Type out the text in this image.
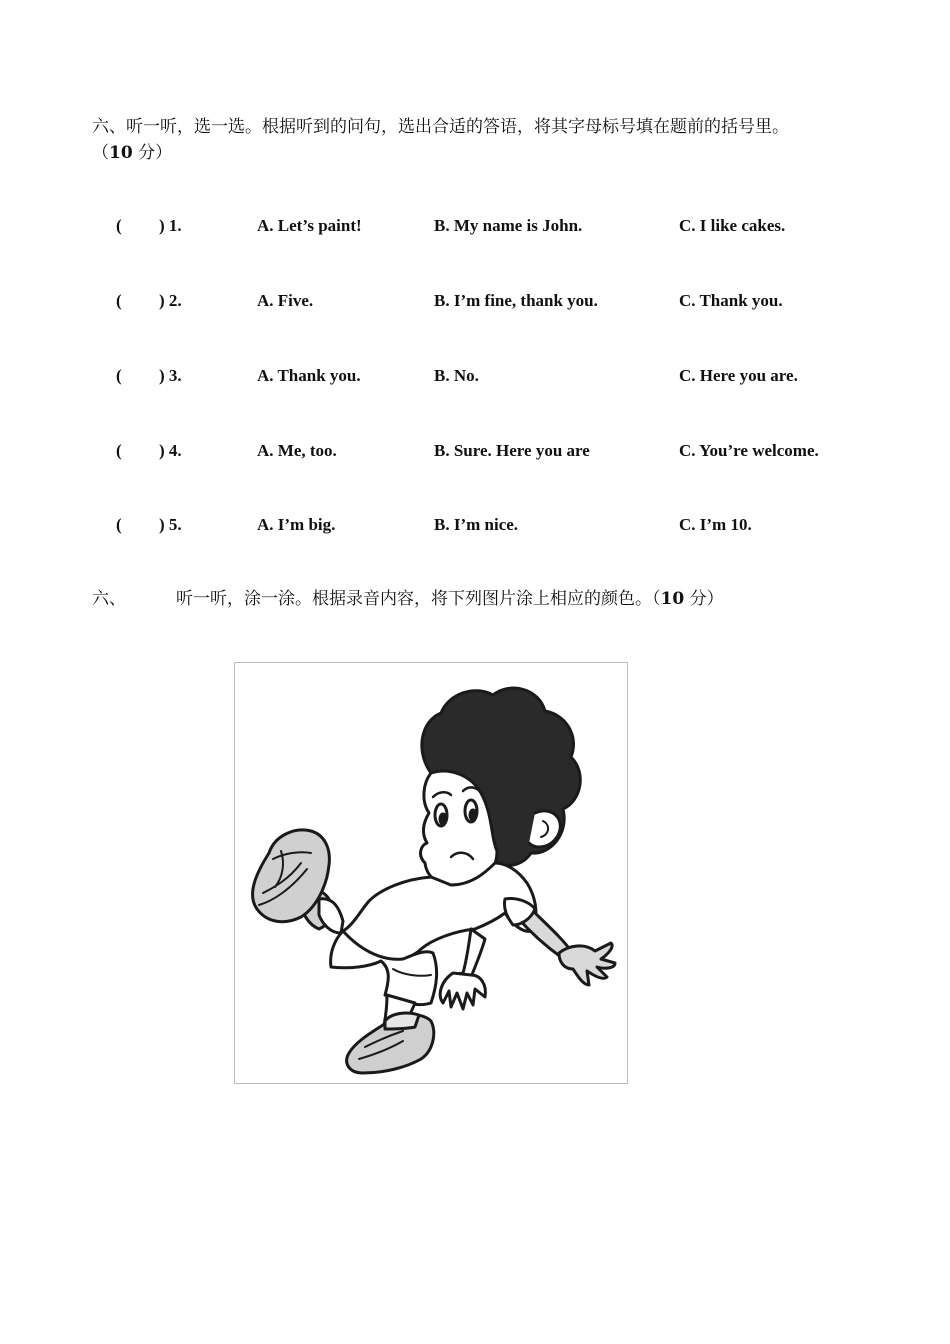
六、听一听，选一选。根据听到的问句，选出合适的答语，将其字母标号填在题前的括号里。
（10 分）
( ) 1.	A. Let’s paint!	B. My name is John.	C. I like cakes.
( ) 2.	A. Five.	B. I’m fine, thank you.	C. Thank you.
( ) 3.	A. Thank you.	B. No.	C. Here you are.
( ) 4.	A. Me, too.	B. Sure. Here you are	C. You’re welcome.
( ) 5.	A. I’m big.	B. I’m nice.	C. I’m 10.
六、	听一听，涂一涂。根据录音内容，将下列图片涂上相应的颜色。（10 分）
